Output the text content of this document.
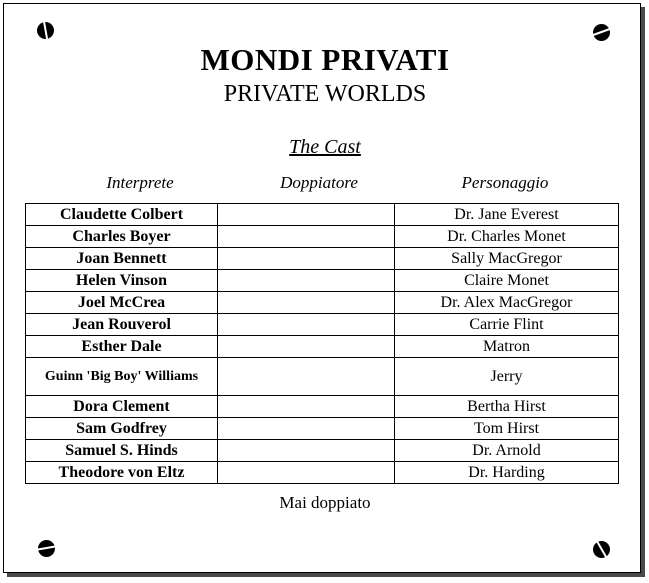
MONDI PRIVATI
PRIVATE WORLDS
The Cast
Interprete	Doppiatore	Personaggio
Claudette Colbert		Dr. Jane Everest
Charles Boyer		Dr. Charles Monet
Joan Bennett		Sally MacGregor
Helen Vinson		Claire Monet
Joel McCrea		Dr. Alex MacGregor
Jean Rouverol		Carrie Flint
Esther Dale		Matron
Guinn 'Big Boy' Williams		Jerry
Dora Clement		Bertha Hirst
Sam Godfrey		Tom Hirst
Samuel S. Hinds		Dr. Arnold
Theodore von Eltz		Dr. Harding
Mai doppiato
